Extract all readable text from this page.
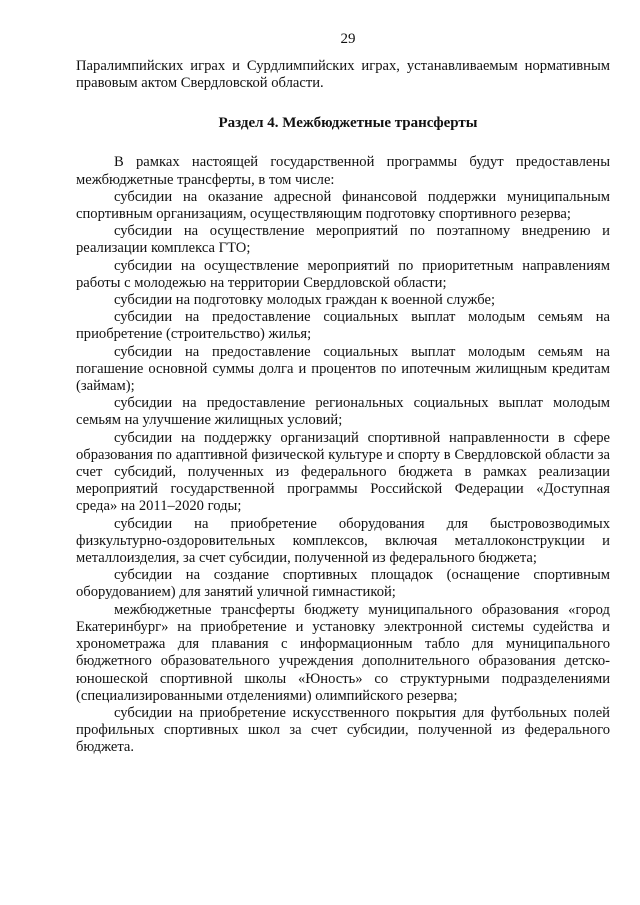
29

Паралимпийских играх и Сурдлимпийских играх, устанавливаемым нормативным правовым актом Свердловской области.

Раздел 4. Межбюджетные трансферты

В рамках настоящей государственной программы будут предоставлены межбюджетные трансферты, в том числе:

субсидии на оказание адресной финансовой поддержки муниципальным спортивным организациям, осуществляющим подготовку спортивного резерва;

субсидии на осуществление мероприятий по поэтапному внедрению и реализации комплекса ГТО;

субсидии на осуществление мероприятий по приоритетным направлениям работы с молодежью на территории Свердловской области;

субсидии на подготовку молодых граждан к военной службе;

субсидии на предоставление социальных выплат молодым семьям на приобретение (строительство) жилья;

субсидии на предоставление социальных выплат молодым семьям на погашение основной суммы долга и процентов по ипотечным жилищным кредитам (займам);

субсидии на предоставление региональных социальных выплат молодым семьям на улучшение жилищных условий;

субсидии на поддержку организаций спортивной направленности в сфере образования по адаптивной физической культуре и спорту в Свердловской области за счет субсидий, полученных из федерального бюджета в рамках реализации мероприятий государственной программы Российской Федерации «Доступная среда» на 2011–2020 годы;

субсидии на приобретение оборудования для быстровозводимых физкультурно-оздоровительных комплексов, включая металлоконструкции и металлоизделия, за счет субсидии, полученной из федерального бюджета;

субсидии на создание спортивных площадок (оснащение спортивным оборудованием) для занятий уличной гимнастикой;

межбюджетные трансферты бюджету муниципального образования «город Екатеринбург» на приобретение и установку электронной системы судейства и хронометража для плавания с информационным табло для муниципального бюджетного образовательного учреждения дополнительного образования детско-юношеской спортивной школы «Юность» со структурными подразделениями (специализированными отделениями) олимпийского резерва;

субсидии на приобретение искусственного покрытия для футбольных полей профильных спортивных школ за счет субсидии, полученной из федерального бюджета.
